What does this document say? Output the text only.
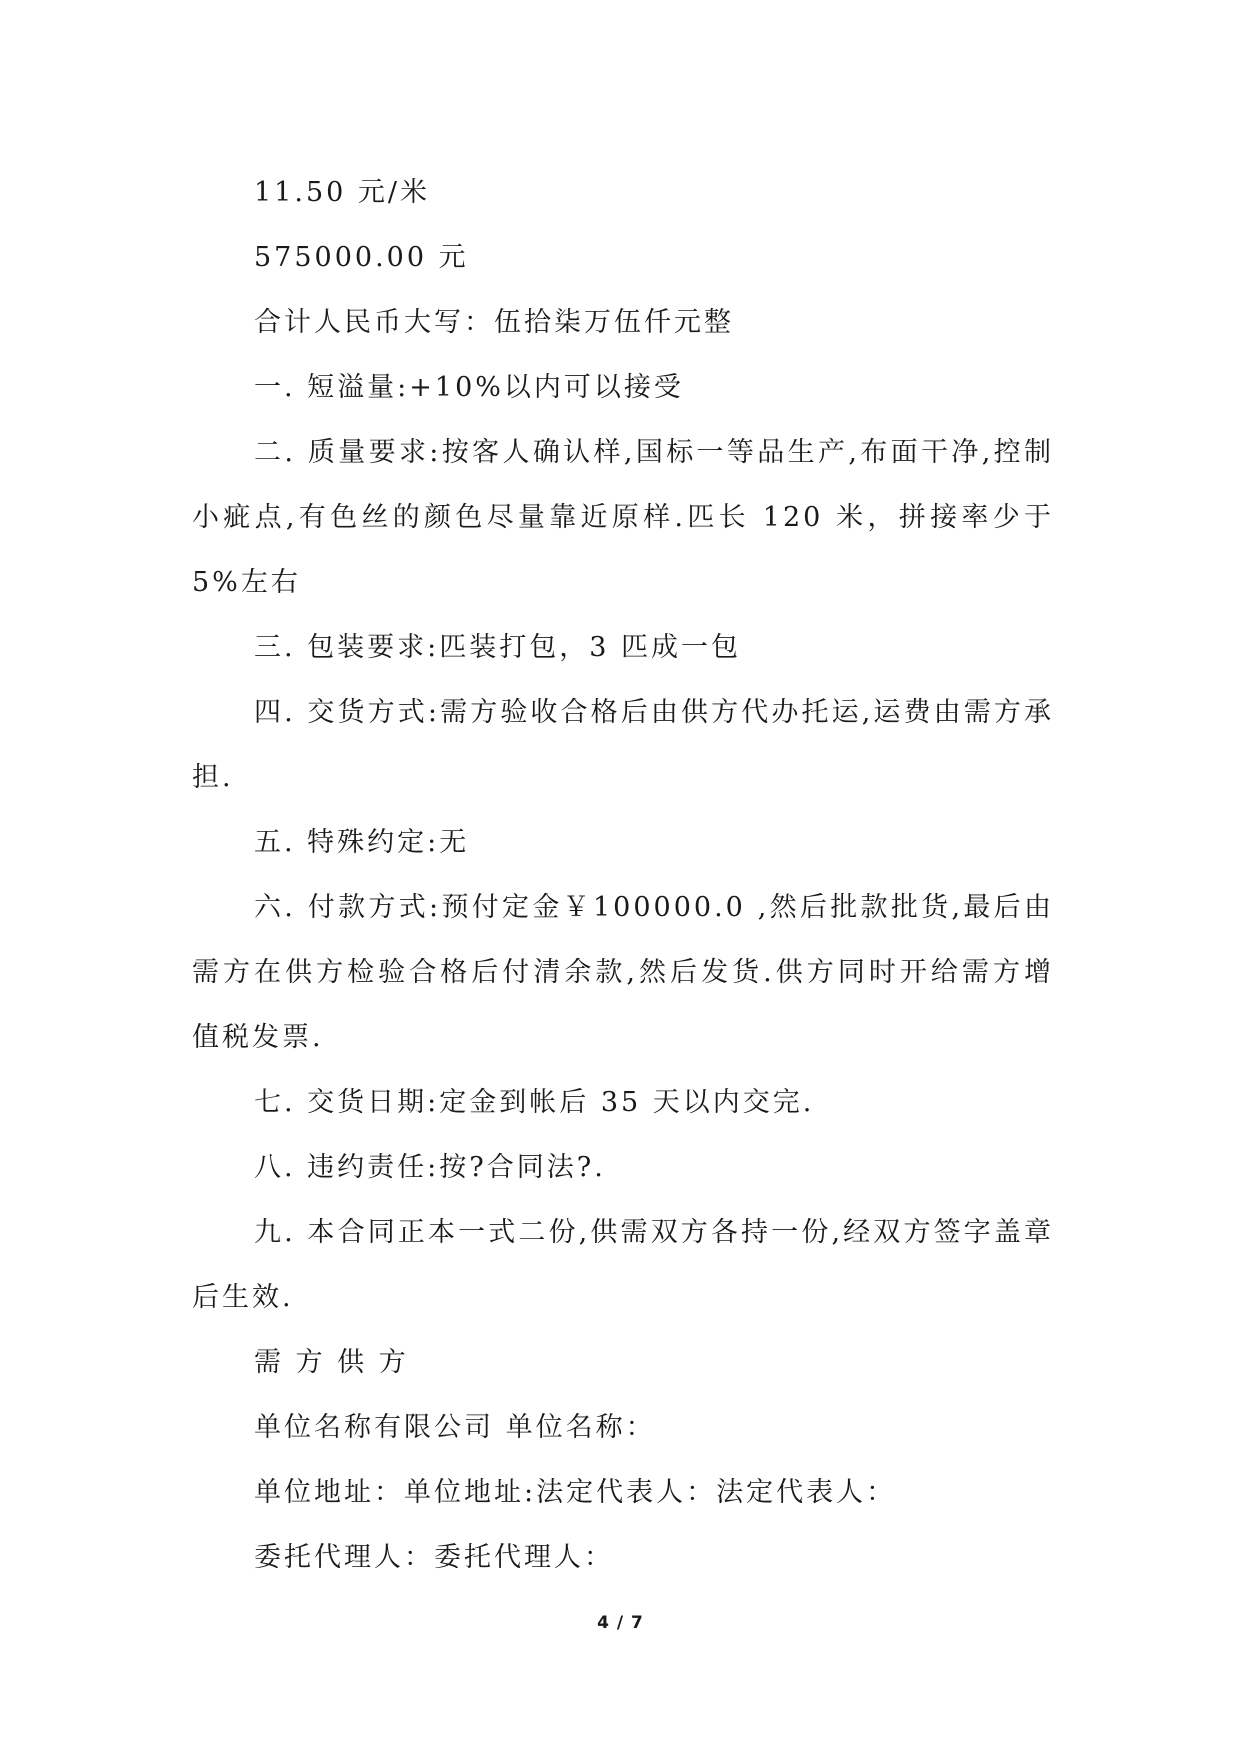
11.50 元/米

575000.00 元

合计人民币大写：伍拾柒万伍仟元整

一. 短溢量:+10%以内可以接受

二. 质量要求:按客人确认样,国标一等品生产,布面干净,控制小疵点,有色丝的颜色尽量靠近原样.匹长 120 米，拼接率少于 5%左右

三. 包装要求:匹装打包，3 匹成一包

四. 交货方式:需方验收合格后由供方代办托运,运费由需方承担.

五. 特殊约定:无

六. 付款方式:预付定金￥100000.0 ,然后批款批货,最后由需方在供方检验合格后付清余款,然后发货.供方同时开给需方增值税发票.

七. 交货日期:定金到帐后 35 天以内交完.

八. 违约责任:按?合同法?.

九. 本合同正本一式二份,供需双方各持一份,经双方签字盖章后生效.

需 方 供 方

单位名称有限公司 单位名称：

单位地址：单位地址:法定代表人：法定代表人：

委托代理人：委托代理人：

4 / 7
